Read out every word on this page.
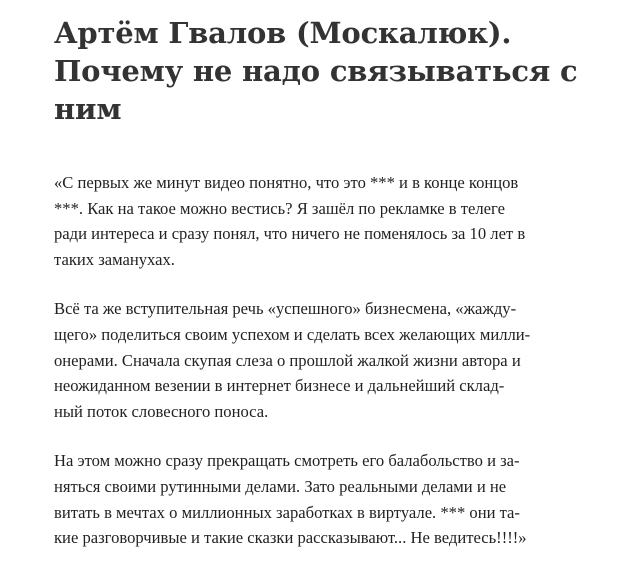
Артём Гвалов (Москалюк).
Почему не надо связываться с
ним

«С первых же минут видео понятно, что это *** и в конце концов
***. Как на такое можно вестись? Я зашёл по рекламке в телеге
ради интереса и сразу понял, что ничего не поменялось за 10 лет в
таких заманухах.

Всё та же вступительная речь «успешного» бизнесмена, «жажду-
щего» поделиться своим успехом и сделать всех желающих милли-
онерами. Сначала скупая слеза о прошлой жалкой жизни автора и
неожиданном везении в интернет бизнесе и дальнейший склад-
ный поток словесного поноса.

На этом можно сразу прекращать смотреть его балабольство и за-
няться своими рутинными делами. Зато реальными делами и не
витать в мечтах о миллионных заработках в виртуале. *** они та-
кие разговорчивые и такие сказки рассказывают... Не ведитесь!!!!»
